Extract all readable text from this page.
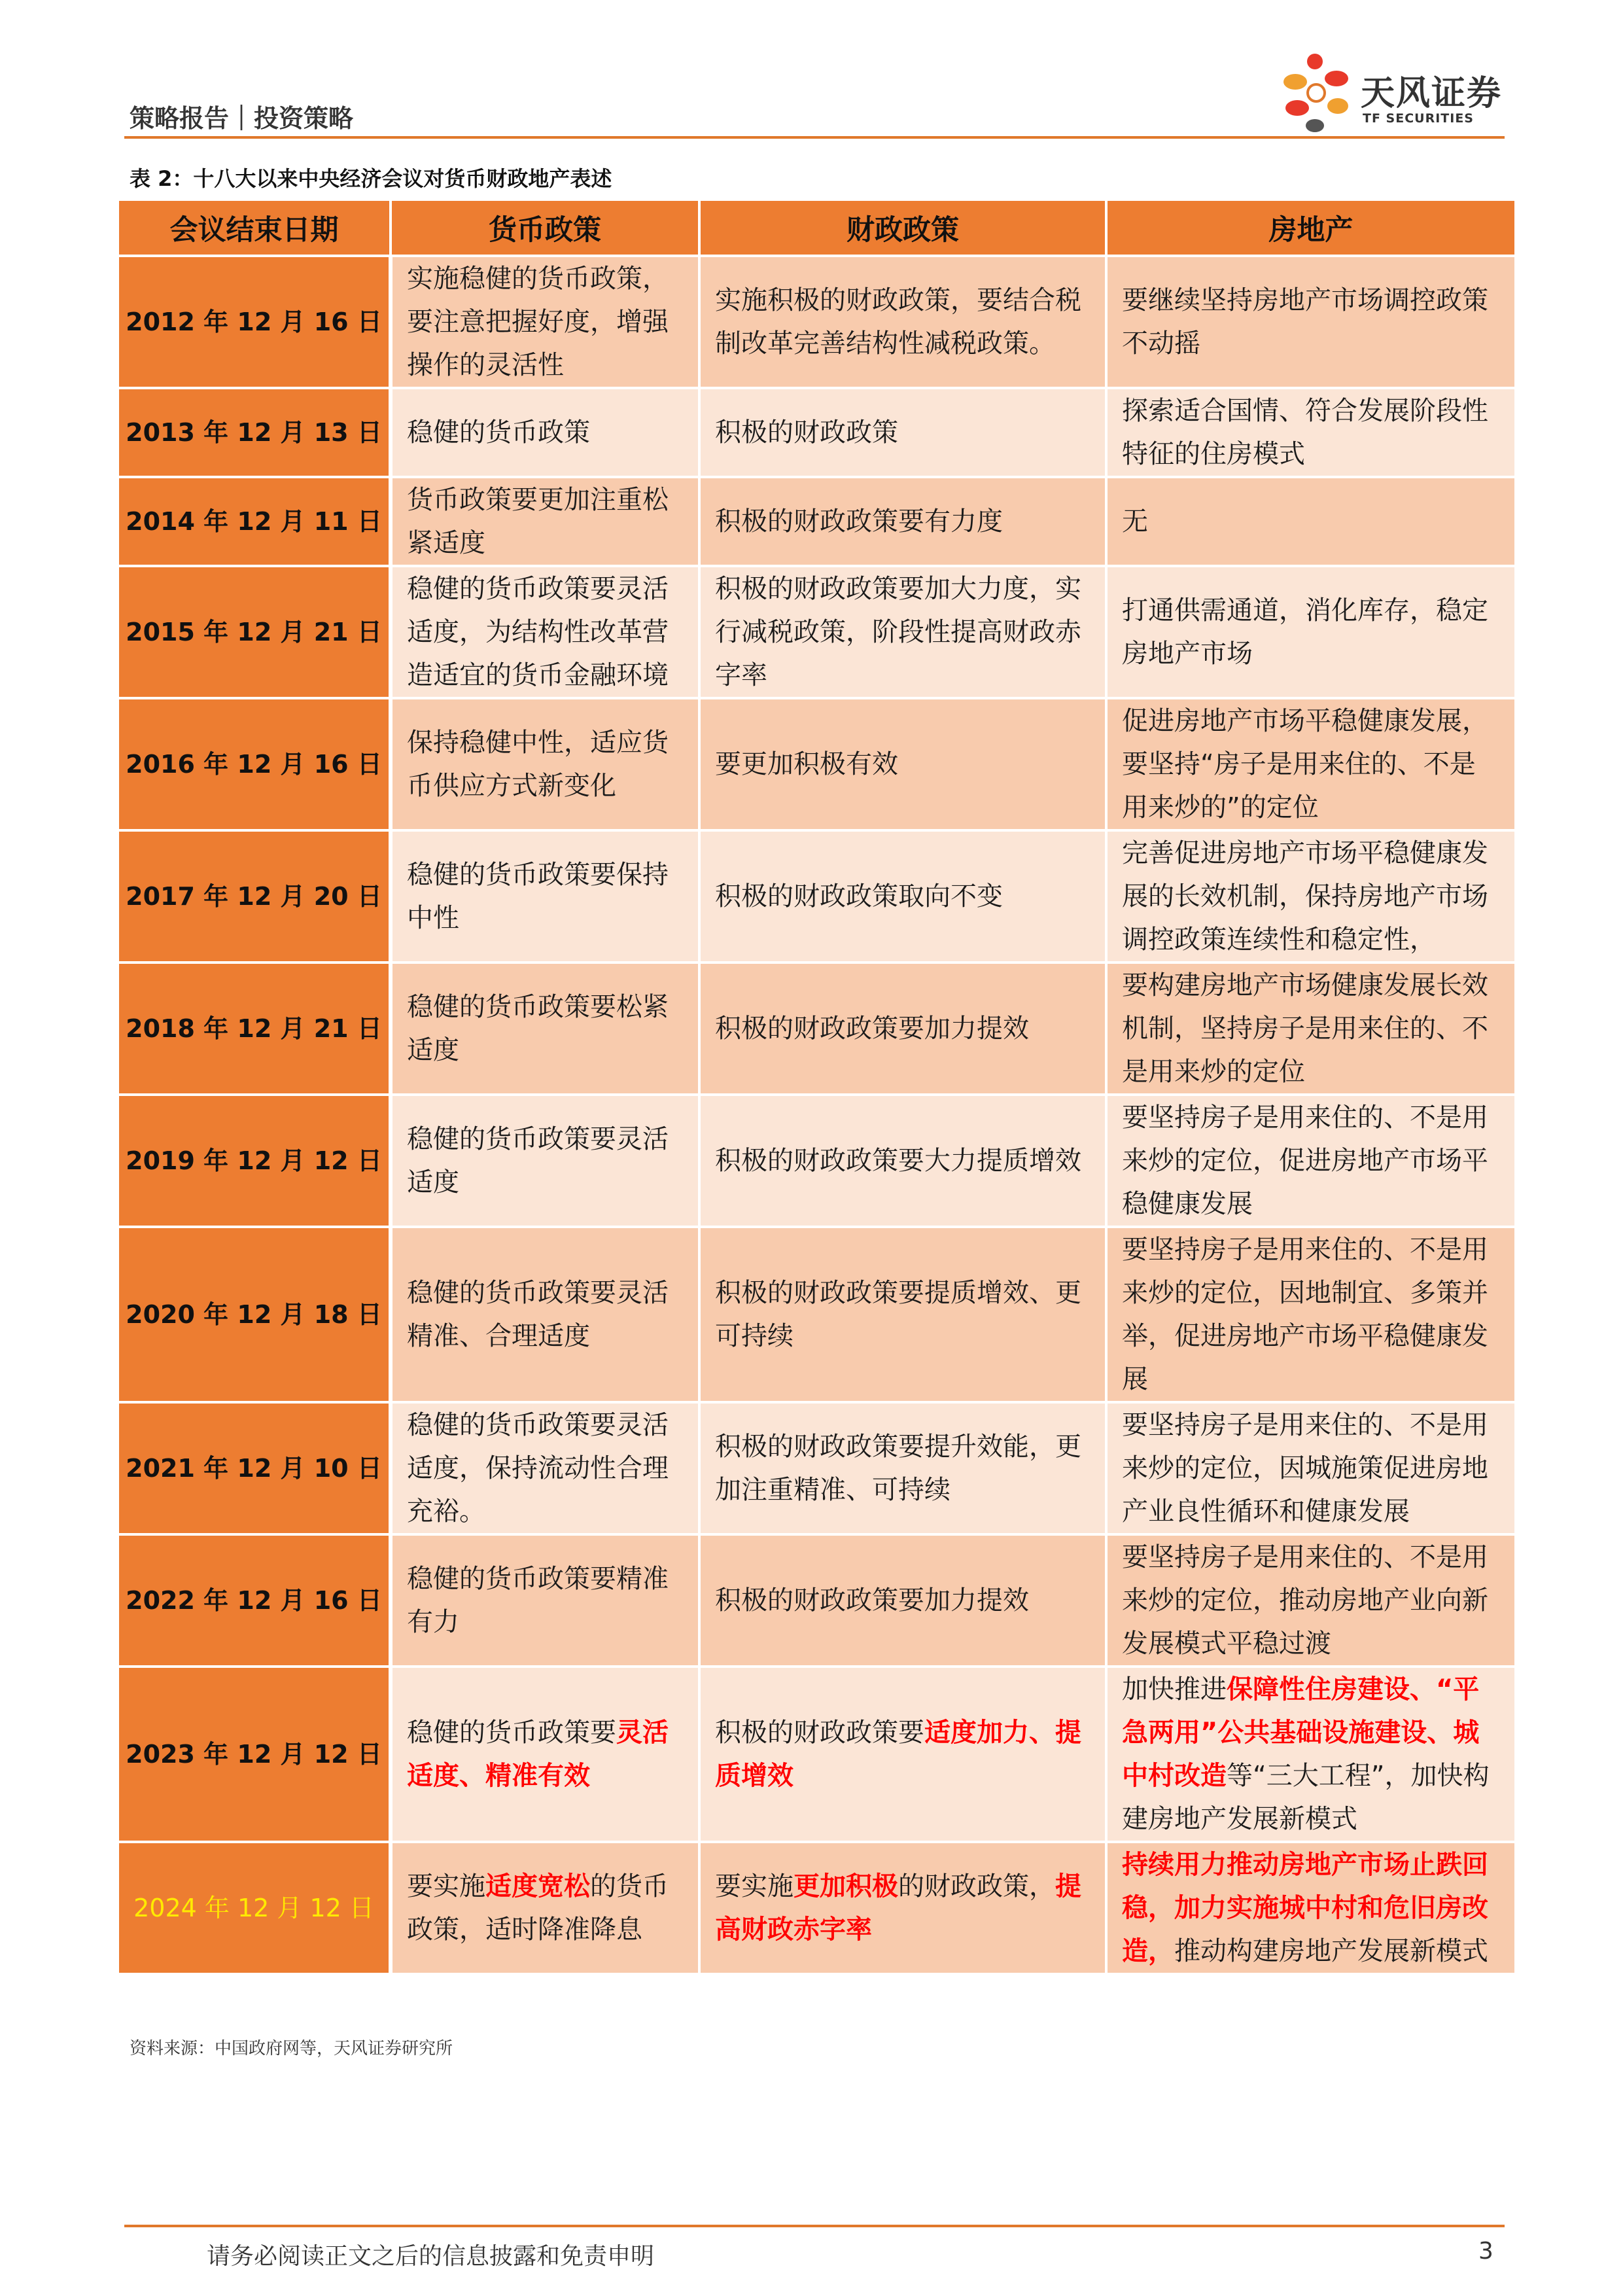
策略报告｜投资策略
天风证券
TF SECURITIES
表 2：十八大以来中央经济会议对货币财政地产表述
会议结束日期	货币政策	财政政策	房地产
2012 年 12 月 16 日	实施稳健的货币政策，要注意把握好度，增强操作的灵活性	实施积极的财政政策，要结合税制改革完善结构性减税政策。	要继续坚持房地产市场调控政策不动摇
2013 年 12 月 13 日	稳健的货币政策	积极的财政政策	探索适合国情、符合发展阶段性特征的住房模式
2014 年 12 月 11 日	货币政策要更加注重松紧适度	积极的财政政策要有力度	无
2015 年 12 月 21 日	稳健的货币政策要灵活适度，为结构性改革营造适宜的货币金融环境	积极的财政政策要加大力度，实行减税政策，阶段性提高财政赤字率	打通供需通道，消化库存，稳定房地产市场
2016 年 12 月 16 日	保持稳健中性，适应货币供应方式新变化	要更加积极有效	促进房地产市场平稳健康发展，要坚持“房子是用来住的、不是用来炒的”的定位
2017 年 12 月 20 日	稳健的货币政策要保持中性	积极的财政政策取向不变	完善促进房地产市场平稳健康发展的长效机制，保持房地产市场调控政策连续性和稳定性，
2018 年 12 月 21 日	稳健的货币政策要松紧适度	积极的财政政策要加力提效	要构建房地产市场健康发展长效机制，坚持房子是用来住的、不是用来炒的定位
2019 年 12 月 12 日	稳健的货币政策要灵活适度	积极的财政政策要大力提质增效	要坚持房子是用来住的、不是用来炒的定位，促进房地产市场平稳健康发展
2020 年 12 月 18 日	稳健的货币政策要灵活精准、合理适度	积极的财政政策要提质增效、更可持续	要坚持房子是用来住的、不是用来炒的定位，因地制宜、多策并举，促进房地产市场平稳健康发展
2021 年 12 月 10 日	稳健的货币政策要灵活适度，保持流动性合理充裕。	积极的财政政策要提升效能，更加注重精准、可持续	要坚持房子是用来住的、不是用来炒的定位，因城施策促进房地产业良性循环和健康发展
2022 年 12 月 16 日	稳健的货币政策要精准有力	积极的财政政策要加力提效	要坚持房子是用来住的、不是用来炒的定位，推动房地产业向新发展模式平稳过渡
2023 年 12 月 12 日	稳健的货币政策要灵活适度、精准有效	积极的财政政策要适度加力、提质增效	加快推进保障性住房建设、“平急两用”公共基础设施建设、城中村改造等“三大工程”，加快构建房地产发展新模式
2024 年 12 月 12 日	要实施适度宽松的货币政策，适时降准降息	要实施更加积极的财政政策，提高财政赤字率	持续用力推动房地产市场止跌回稳，加力实施城中村和危旧房改造，推动构建房地产发展新模式
资料来源：中国政府网等，天风证券研究所
请务必阅读正文之后的信息披露和免责申明	3
